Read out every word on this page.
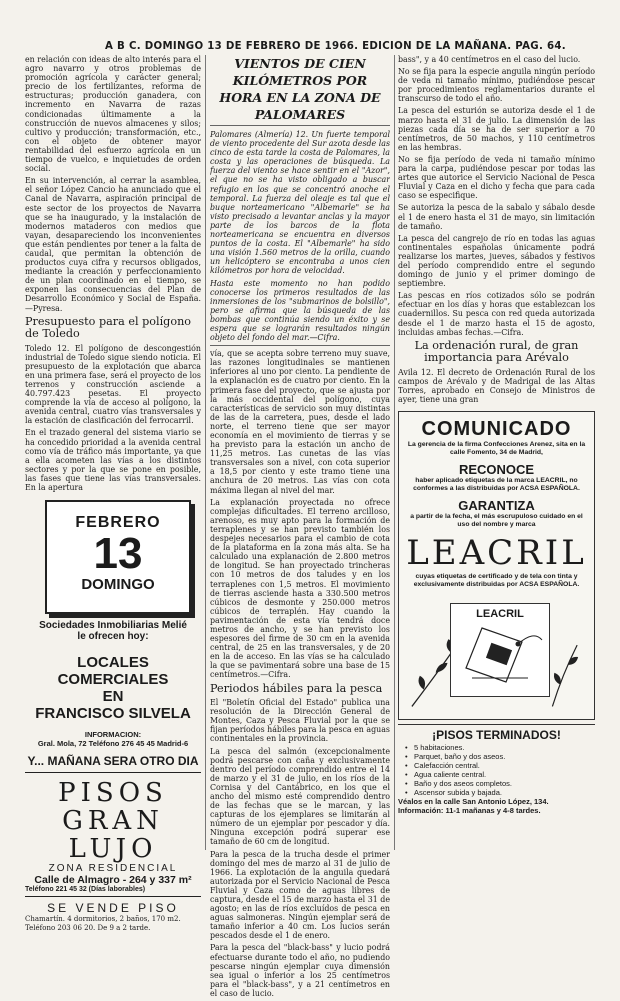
A B C. DOMINGO 13 DE FEBRERO DE 1966. EDICION DE LA MAÑANA. PAG. 64.

en relación con ideas de alto interés para el agro navarro y otros problemas de promoción agrícola y carácter general; precio de los fertilizantes, reforma de estructuras; producción ganadera, con incremento en Navarra de razas condicionadas últimamente a la construcción de nuevos almacenes y silos; cultivo y producción; transformación, etc., con el objeto de obtener mayor rentabilidad del esfuerzo agrícola en un tiempo de vuelco, e inquietudes de orden social.

En su intervención, al cerrar la asamblea, el señor López Cancio ha anunciado que el Canal de Navarra, aspiración principal de este sector de los proyectos de Navarra que se ha inaugurado, y la instalación de modernos mataderos con medios que vayan, desapareciendo los inconvenientes que están pendientes por tener a la falta de caudal, que permitan la obtención de productos cuya cifra y recursos obligados, mediante la creación y perfeccionamiento de un plan coordinado en el tiempo, se exponen las consecuencias del Plan de Desarrollo Económico y Social de España.—Pyresa.

Presupuesto para el polígono de Toledo

Toledo 12. El polígono de descongestión industrial de Toledo sigue siendo noticia. El presupuesto de la explotación que abarca en una primera fase, será el proyecto de los terrenos y construcción asciende a 40.797.423 pesetas. El proyecto comprende la vía de acceso al polígono, la avenida central, cuatro vías transversales y la estación de clasificación del ferrocarril.

En el trazado general del sistema viario se ha concedido prioridad a la avenida central como vía de tráfico más importante, ya que a ella acometen las vías a los distintos sectores y por la que se pone en posible, las fases que tiene las vías transversales. En la apertura

FEBRERO
13
DOMINGO
Sociedades Inmobiliarias Melié
le ofrecen hoy:
LOCALES COMERCIALES
EN
FRANCISCO SILVELA
INFORMACION:
Gral. Mola, 72 Teléfono 276 45 45 Madrid-6
Y... MAÑANA SERA OTRO DIA
PISOS
GRAN LUJO
ZONA RESIDENCIAL
Calle de Almagro - 264 y 337 m²
Teléfono 221 45 32 (Días laborables)
SE VENDE PISO
Chamartín. 4 dormitorios, 2 baños, 170 m2. Teléfono 203 06 20. De 9 a 2 tarde.
VIENTOS DE CIEN KILÓMETROS POR HORA EN LA ZONA DE PALOMARES

Palomares (Almería) 12. Un fuerte temporal de viento procedente del Sur azota desde las cinco de esta tarde la costa de Palomares, la costa y las operaciones de búsqueda. La fuerza del viento se hace sentir en el "Azor", el que no se ha visto obligado a buscar refugio en los que se concentró anoche el temporal. La fuerza del oleaje es tal que el buque norteamericano "Albemarle" se ha visto precisado a levantar anclas y la mayor parte de los barcos de la flota norteamericana se encuentra en diversos puntos de la costa. El "Albemarle" ha sido una visión 1.560 metros de la orilla, cuando un helicóptero se encontraba a unos cien kilómetros por hora de velocidad.

Hasta este momento no han podido conocerse los primeros resultados de las inmersiones de los "submarinos de bolsillo", pero se afirma que la búsqueda de las bombas que continúa siendo un éxito y se espera que se lograrán resultados ningún objeto del fondo del mar.—Cifra.

vía, que se acepta sobre terreno muy suave, las razones longitudinales se mantienen inferiores al uno por ciento. La pendiente de la explanación es de cuatro por ciento. En la primera fase del proyecto, que se ajusta por la más occidental del polígono, cuya características de servicio son muy distintas de las de la carretera, pues, desde el lado norte, el terreno tiene que ser mayor economía en el movimiento de tierras y se ha previsto para la estación un ancho de 11,25 metros. Las cunetas de las vías transversales son a nivel, con cota superior a 18,5 por ciento y este tramo tiene una anchura de 20 metros. Las vías con cota máxima llegan al nivel del mar.

La explanación proyectada no ofrece complejas dificultades. El terreno arcilloso, arenoso, es muy apto para la formación de terraplenes y se han previsto también los despejes necesarios para el cambio de cota de la plataforma en la zona más alta. Se ha calculado una explanación de 2.800 metros de longitud. Se han proyectado trincheras con 10 metros de dos taludes y en los terraplenes con 1,5 metros. El movimiento de tierras asciende hasta a 330.500 metros cúbicos de desmonte y 250.000 metros cúbicos de terraplén. Hay cuando la pavimentación de esta vía tendrá doce metros de ancho, y se han previsto los espesores del firme de 30 cm en la avenida central, de 25 en las transversales, y de 20 en la de acceso. En las vías se ha calculado la que se pavimentará sobre una base de 15 centímetros.—Cifra.

Periodos hábiles para la pesca

El "Boletín Oficial del Estado" publica una resolución de la Dirección General de Montes, Caza y Pesca Fluvial por la que se fijan períodos hábiles para la pesca en aguas continentales en la provincia.

La pesca del salmón (excepcionalmente podrá pescarse con caña y exclusivamente dentro del período comprendido entre el 14 de marzo y el 31 de julio, en los ríos de la Cornisa y del Cantábrico, en los que el ancho del mismo esté comprendido dentro de las fechas que se le marcan, y las capturas de los ejemplares se limitarán al número de un ejemplar por pescador y día. Ninguna excepción podrá superar ese tamaño de 60 cm de longitud.

Para la pesca de la trucha desde el primer domingo del mes de marzo al 31 de julio de 1966. La explotación de la anguila quedará autorizada por el Servicio Nacional de Pesca Fluvial y Caza como de aguas libres de captura, desde el 15 de marzo hasta el 31 de agosto; en las de ríos excluídos de pesca en aguas salmoneras. Ningún ejemplar será de tamaño inferior a 40 cm. Los lucios serán pescados desde el 1 de enero.

Para la pesca del "black-bass" y lucio podrá efectuarse durante todo el año, no pudiendo pescarse ningún ejemplar cuya dimensión sea igual o inferior a los 25 centímetros para el "black-bass", y a 21 centímetros en el caso de lucio.

bass", y a 40 centímetros en el caso del lucio.

No se fija para la especie anguila ningún período de veda ni tamaño mínimo, pudiéndose pescar por procedimientos reglamentarios durante el transcurso de todo el año.

La pesca del esturión se autoriza desde el 1 de marzo hasta el 31 de julio. La dimensión de las piezas cada día se ha de ser superior a 70 centímetros, de 50 machos, y 110 centímetros en las hembras.

No se fija período de veda ni tamaño mínimo para la carpa, pudiéndose pescar por todas las artes que autorice el Servicio Nacional de Pesca Fluvial y Caza en el dicho y fecha que para cada caso se especifique.

Se autoriza la pesca de la sabalo y sábalo desde el 1 de enero hasta el 31 de mayo, sin limitación de tamaño.

La pesca del cangrejo de río en todas las aguas continentales españolas únicamente podrá realizarse los martes, jueves, sábados y festivos del período comprendido entre el segundo domingo de junio y el primer domingo de septiembre.

Las pescas en ríos cotizados sólo se podrán efectuar en los días y horas que establezcan los cuadernillos. Su pesca con red queda autorizada desde el 1 de marzo hasta el 15 de agosto, incluidas ambas fechas.—Cifra.

La ordenación rural, de gran importancia para Arévalo

Avila 12. El decreto de Ordenación Rural de los campos de Arévalo y de Madrigal de las Altas Torres, aprobado en Consejo de Ministros de ayer, tiene una gran

COMUNICADO
La gerencia de la firma Confecciones Arenez, sita en la calle Fomento, 34 de Madrid,
RECONOCE
haber aplicado etiquetas de la marca LEACRIL, no conformes a las distribuidas por ACSA ESPAÑOLA.
GARANTIZA
a partir de la fecha, el más escrupuloso cuidado en el uso del nombre y marca
LEACRIL
cuyas etiquetas de certificado y de tela con tinta y exclusivamente distribuidas por ACSA ESPAÑOLA.
LEACRIL
¡PISOS TERMINADOS!
• 5 habitaciones.
• Parquet, baño y dos aseos.
• Calefacción central.
• Agua caliente central.
• Baño y dos aseos completos.
• Ascensor subida y bajada.
Véalos en la calle San Antonio López, 134. Información: 11-1 mañanas y 4-8 tardes.
